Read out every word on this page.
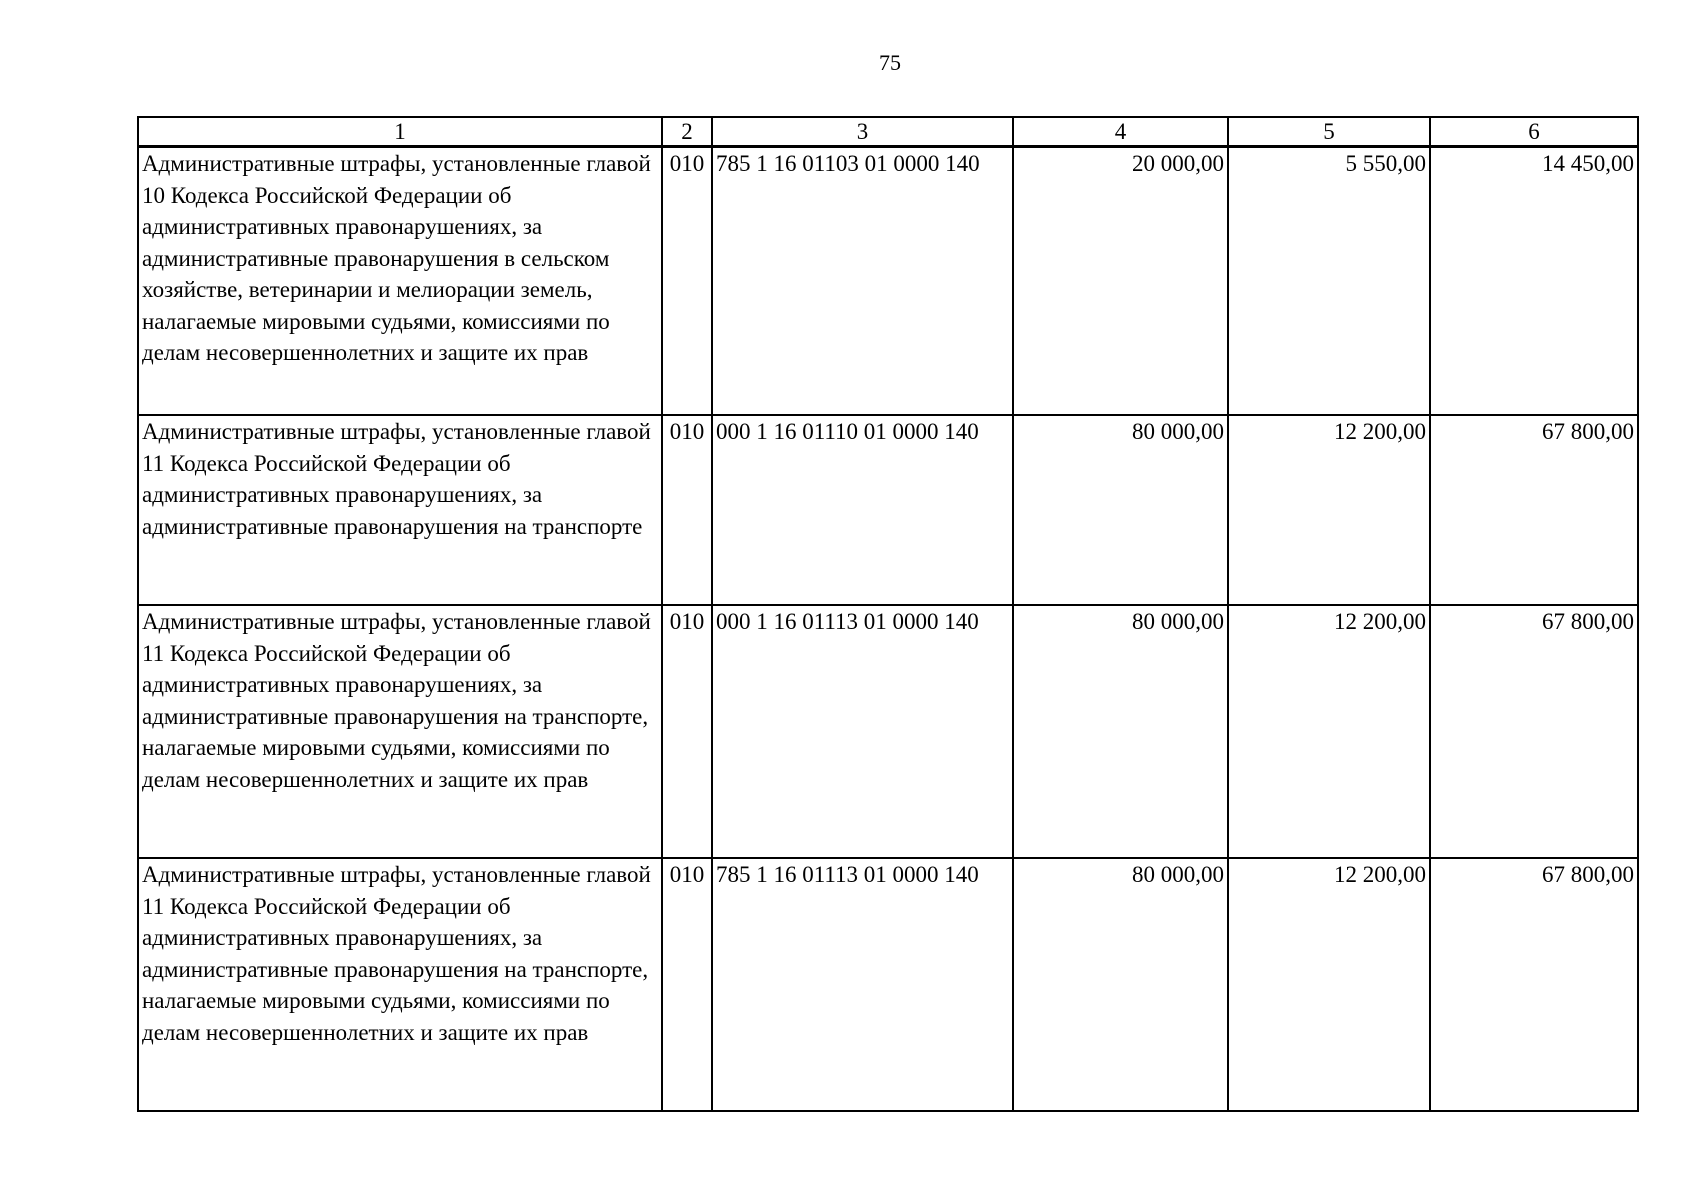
75
1	2	3	4	5	6
Административные штрафы, установленные главой 10 Кодекса Российской Федерации об административных правонарушениях, за административные правонарушения в сельском хозяйстве, ветеринарии и мелиорации земель, налагаемые мировыми судьями, комиссиями по делам несовершеннолетних и защите их прав	010	785 1 16 01103 01 0000 140	20 000,00	5 550,00	14 450,00
Административные штрафы, установленные главой 11 Кодекса Российской Федерации об административных правонарушениях, за административные правонарушения на транспорте	010	000 1 16 01110 01 0000 140	80 000,00	12 200,00	67 800,00
Административные штрафы, установленные главой 11 Кодекса Российской Федерации об административных правонарушениях, за административные правонарушения на транспорте, налагаемые мировыми судьями, комиссиями по делам несовершеннолетних и защите их прав	010	000 1 16 01113 01 0000 140	80 000,00	12 200,00	67 800,00
Административные штрафы, установленные главой 11 Кодекса Российской Федерации об административных правонарушениях, за административные правонарушения на транспорте, налагаемые мировыми судьями, комиссиями по делам несовершеннолетних и защите их прав	010	785 1 16 01113 01 0000 140	80 000,00	12 200,00	67 800,00
